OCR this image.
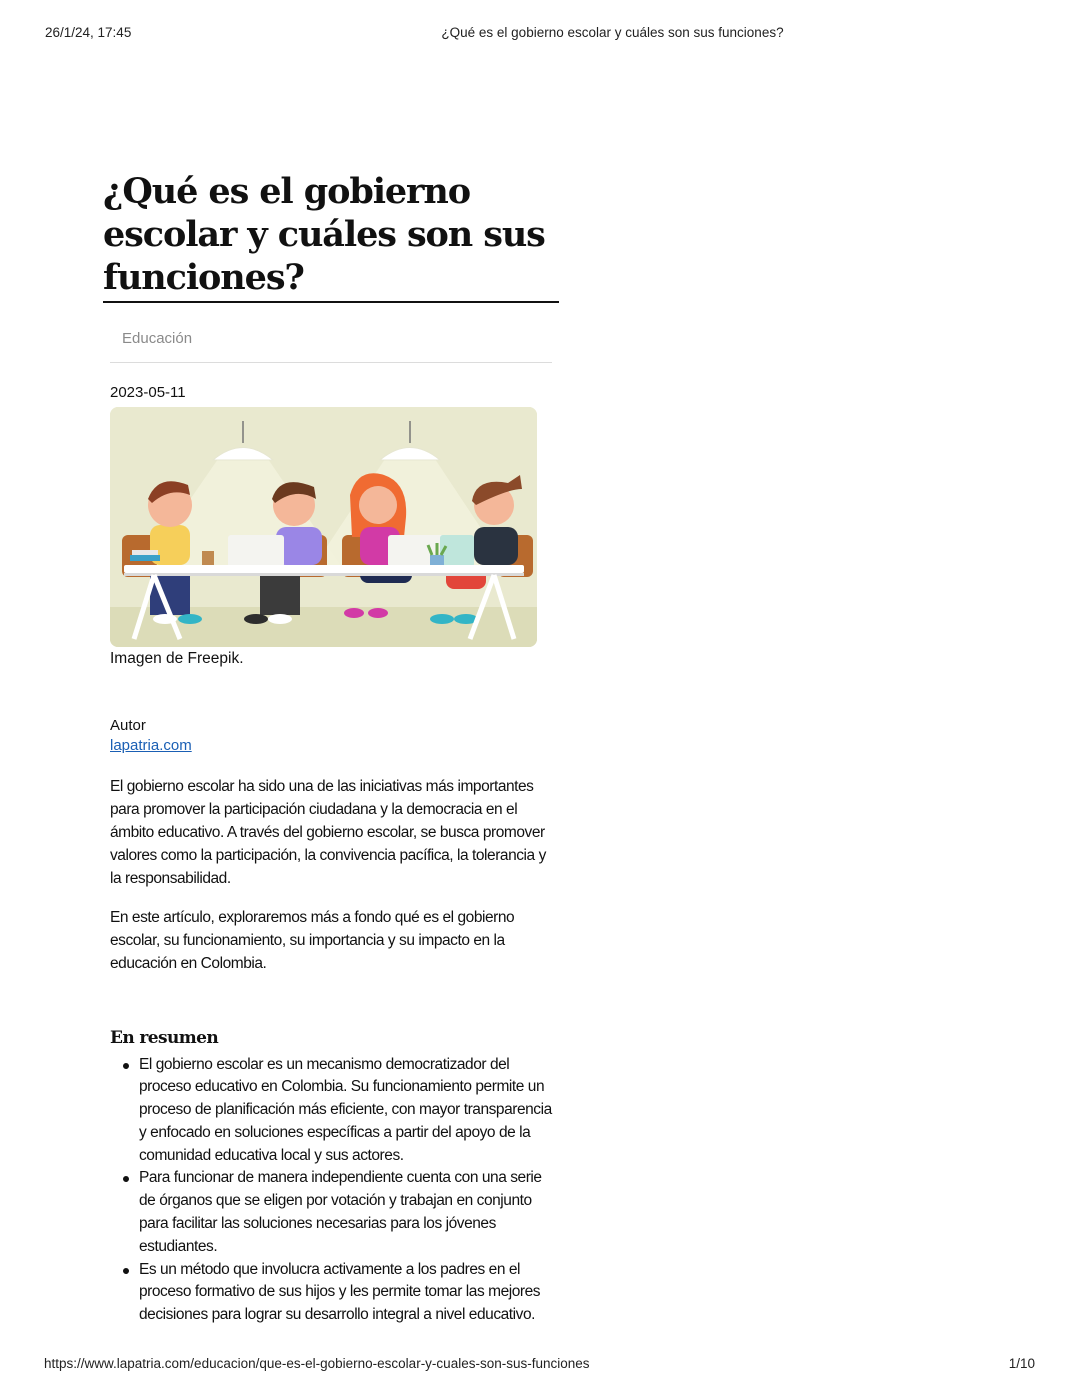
26/1/24, 17:45	¿Qué es el gobierno escolar y cuáles son sus funciones?
¿Qué es el gobierno escolar y cuáles son sus funciones?
Educación
2023-05-11
Imagen de Freepik.
Autor
lapatria.com

El gobierno escolar ha sido una de las iniciativas más importantes para promover la participación ciudadana y la democracia en el ámbito educativo. A través del gobierno escolar, se busca promover valores como la participación, la convivencia pacífica, la tolerancia y la responsabilidad.

En este artículo, exploraremos más a fondo qué es el gobierno escolar, su funcionamiento, su importancia y su impacto en la educación en Colombia.

En resumen
El gobierno escolar es un mecanismo democratizador del proceso educativo en Colombia. Su funcionamiento permite un proceso de planificación más eficiente, con mayor transparencia y enfocado en soluciones específicas a partir del apoyo de la comunidad educativa local y sus actores.
Para funcionar de manera independiente cuenta con una serie de órganos que se eligen por votación y trabajan en conjunto para facilitar las soluciones necesarias para los jóvenes estudiantes.
Es un método que involucra activamente a los padres en el proceso formativo de sus hijos y les permite tomar las mejores decisiones para lograr su desarrollo integral a nivel educativo.
https://www.lapatria.com/educacion/que-es-el-gobierno-escolar-y-cuales-son-sus-funciones	1/10
